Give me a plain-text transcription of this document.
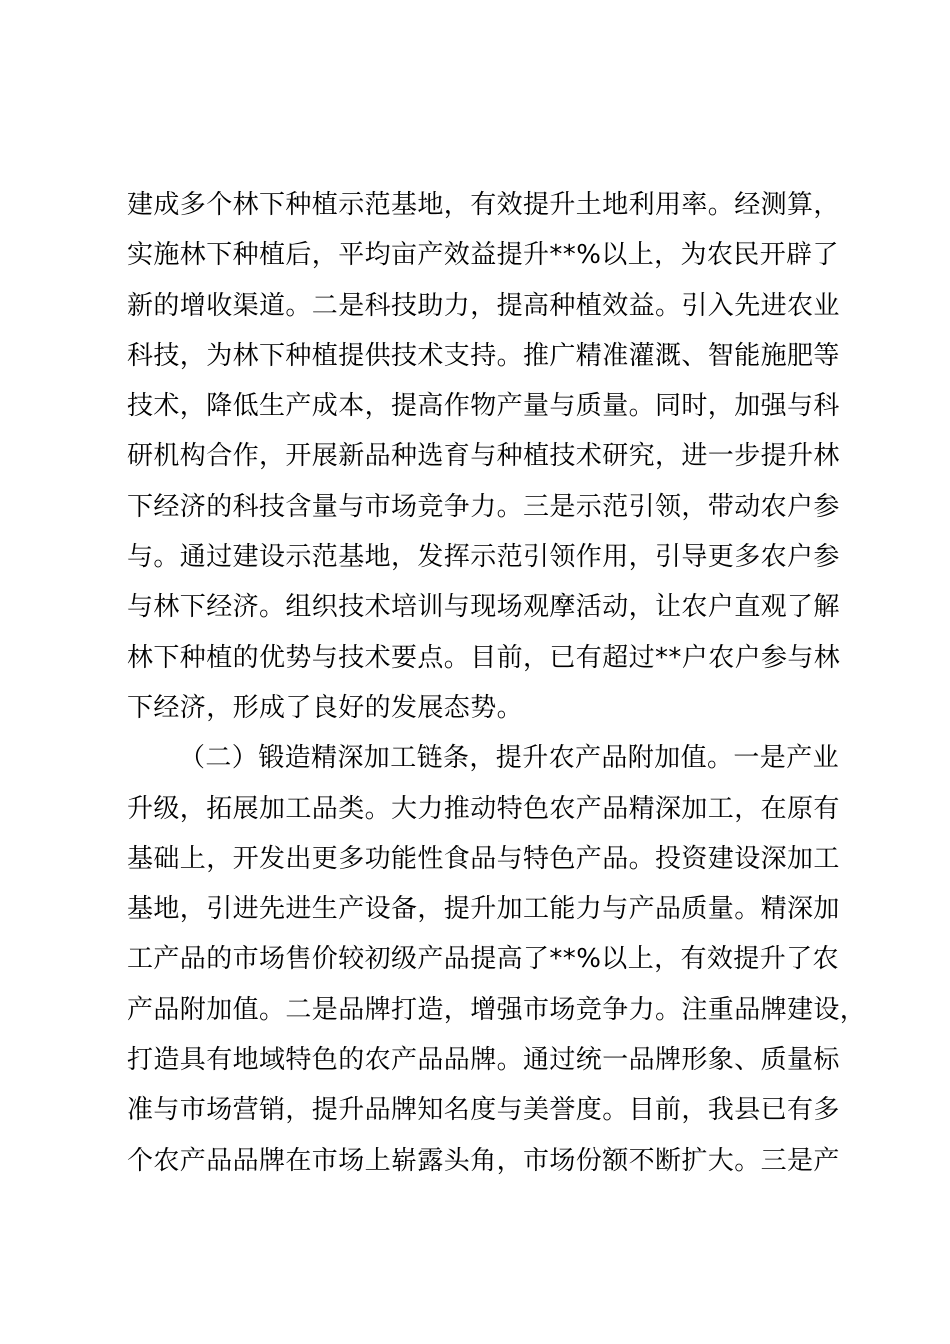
建成多个林下种植示范基地，有效提升土地利用率。经测算，
实施林下种植后，平均亩产效益提升**%以上，为农民开辟了
新的增收渠道。二是科技助力，提高种植效益。引入先进农业
科技，为林下种植提供技术支持。推广精准灌溉、智能施肥等
技术，降低生产成本，提高作物产量与质量。同时，加强与科
研机构合作，开展新品种选育与种植技术研究，进一步提升林
下经济的科技含量与市场竞争力。三是示范引领，带动农户参
与。通过建设示范基地，发挥示范引领作用，引导更多农户参
与林下经济。组织技术培训与现场观摩活动，让农户直观了解
林下种植的优势与技术要点。目前，已有超过**户农户参与林
下经济，形成了良好的发展态势。
（二）锻造精深加工链条，提升农产品附加值。一是产业
升级，拓展加工品类。大力推动特色农产品精深加工，在原有
基础上，开发出更多功能性食品与特色产品。投资建设深加工
基地，引进先进生产设备，提升加工能力与产品质量。精深加
工产品的市场售价较初级产品提高了**%以上，有效提升了农
产品附加值。二是品牌打造，增强市场竞争力。注重品牌建设，
打造具有地域特色的农产品品牌。通过统一品牌形象、质量标
准与市场营销，提升品牌知名度与美誉度。目前，我县已有多
个农产品品牌在市场上崭露头角，市场份额不断扩大。三是产
